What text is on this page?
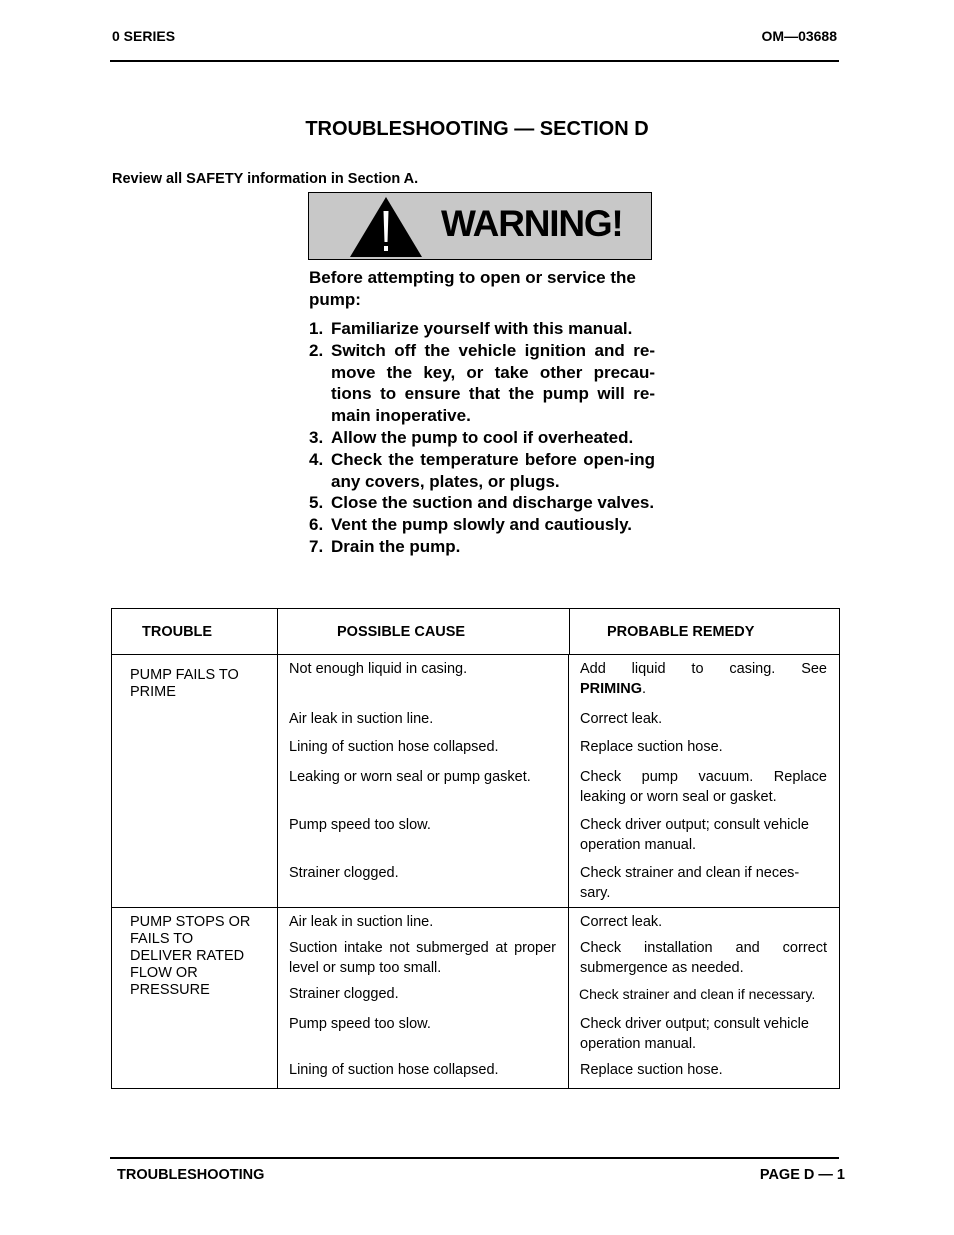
0 SERIES	OM—03688
TROUBLESHOOTING — SECTION D
Review all SAFETY information in Section A.
WARNING!
Before attempting to open or service the pump:
1. Familiarize yourself with this manual.
2. Switch off the vehicle ignition and re-move the key, or take other precau-tions to ensure that the pump will re-main inoperative.
3. Allow the pump to cool if overheated.
4. Check the temperature before open-ing any covers, plates, or plugs.
5. Close the suction and discharge valves.
6. Vent the pump slowly and cautiously.
7. Drain the pump.
TROUBLE	POSSIBLE CAUSE	PROBABLE REMEDY
PUMP FAILS TO PRIME	
Not enough liquid in casing.	Add liquid to casing. See
PRIMING.
Air leak in suction line.	Correct leak.
Lining of suction hose collapsed.	Replace suction hose.
Leaking or worn seal or pump gasket.	Check pump vacuum. Replace leaking or worn seal or gasket.
Pump speed too slow.	Check driver output; consult vehicle operation manual.
Strainer clogged.	Check strainer and clean if neces-sary.

PUMP STOPS OR FAILS TO DELIVER RATED FLOW OR PRESSURE	
Air leak in suction line.	Correct leak.
Suction intake not submerged at proper level or sump too small.	Check installation and correct submergence as needed.
Strainer clogged.	Check strainer and clean if necessary.
Pump speed too slow.	Check driver output; consult vehicle operation manual.
Lining of suction hose collapsed.	Replace suction hose.
TROUBLESHOOTING	PAGE D — 1
